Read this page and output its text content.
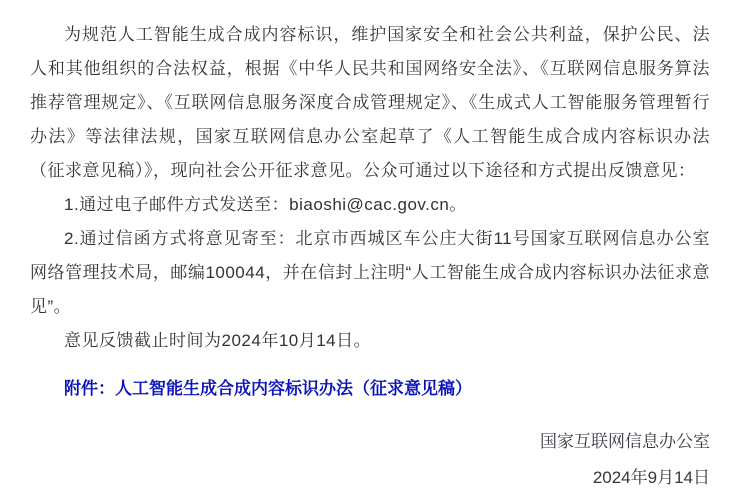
为规范人工智能生成合成内容标识，维护国家安全和社会公共利益，保护公民、法人和其他组织的合法权益，根据《中华人民共和国网络安全法》、《互联网信息服务算法推荐管理规定》、《互联网信息服务深度合成管理规定》、《生成式人工智能服务管理暂行办法》等法律法规，国家互联网信息办公室起草了《人工智能生成合成内容标识办法（征求意见稿）》，现向社会公开征求意见。公众可通过以下途径和方式提出反馈意见：

1.通过电子邮件方式发送至：biaoshi@cac.gov.cn。

2.通过信函方式将意见寄至：北京市西城区车公庄大街11号国家互联网信息办公室网络管理技术局，邮编100044，并在信封上注明“人工智能生成合成内容标识办法征求意见”。

意见反馈截止时间为2024年10月14日。

附件：人工智能生成合成内容标识办法（征求意见稿）

国家互联网信息办公室

2024年9月14日
